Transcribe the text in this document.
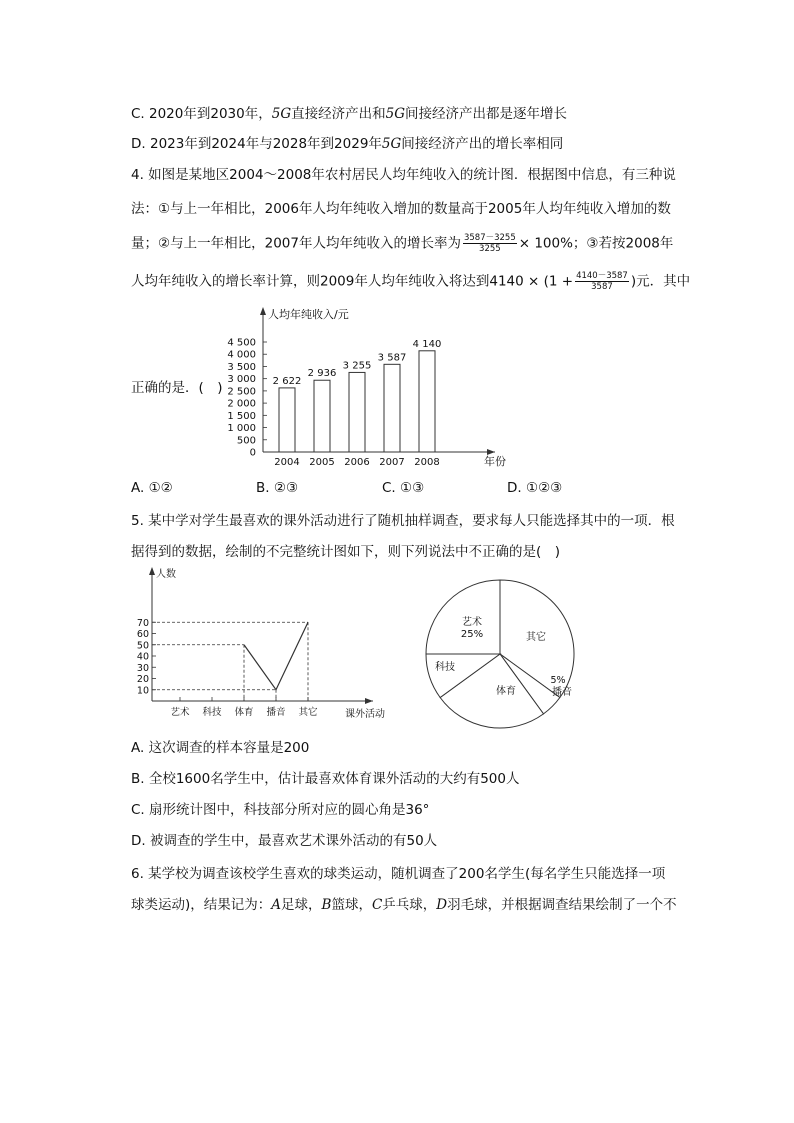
C. 2020年到2030年，5G直接经济产出和5G间接经济产出都是逐年增长
D. 2023年到2024年与2028年到2029年5G间接经济产出的增长率相同
4. 如图是某地区2004～2008年农村居民人均年纯收入的统计图．根据图中信息，有三种说
法：①与上一年相比，2006年人均年纯收入增加的数量高于2005年人均年纯收入增加的数
量；②与上一年相比，2007年人均年纯收入的增长率为 $\frac{3587-3255}{3255} \times 100\%$；③若按2008年
人均年纯收入的增长率计算，则2009年人均年纯收入将达到$4140 \times (1 + \frac{4140-3587}{3587}$ )元．其中
正确的是．(　)
人均年纯收入/元
年份
0
500
1 000
1 500
2 000
2 500
3 000
3 500
4 000
4 500
2 622
2004
2 936
2005
3 255
2006
3 587
2007
4 140
2008
A. ①②	B. ②③	C. ①③	D. ①②③
5. 某中学对学生最喜欢的课外活动进行了随机抽样调查，要求每人只能选择其中的一项．根
据得到的数据，绘制的不完整统计图如下，则下列说法中不正确的是(　)
人数
课外活动
10
20
30
40
50
60
70
艺术 科技 体育 播音 其它
艺术
25%	其它
5%
播音
体育
科技
A. 这次调查的样本容量是200
B. 全校1600名学生中，估计最喜欢体育课外活动的大约有500人
C. 扇形统计图中，科技部分所对应的圆心角是36°
D. 被调查的学生中，最喜欢艺术课外活动的有50人
6. 某学校为调查该校学生喜欢的球类运动，随机调查了200名学生(每名学生只能选择一项
球类运动)，结果记为：A足球，B篮球，C乒乓球，D羽毛球，并根据调查结果绘制了一个不
